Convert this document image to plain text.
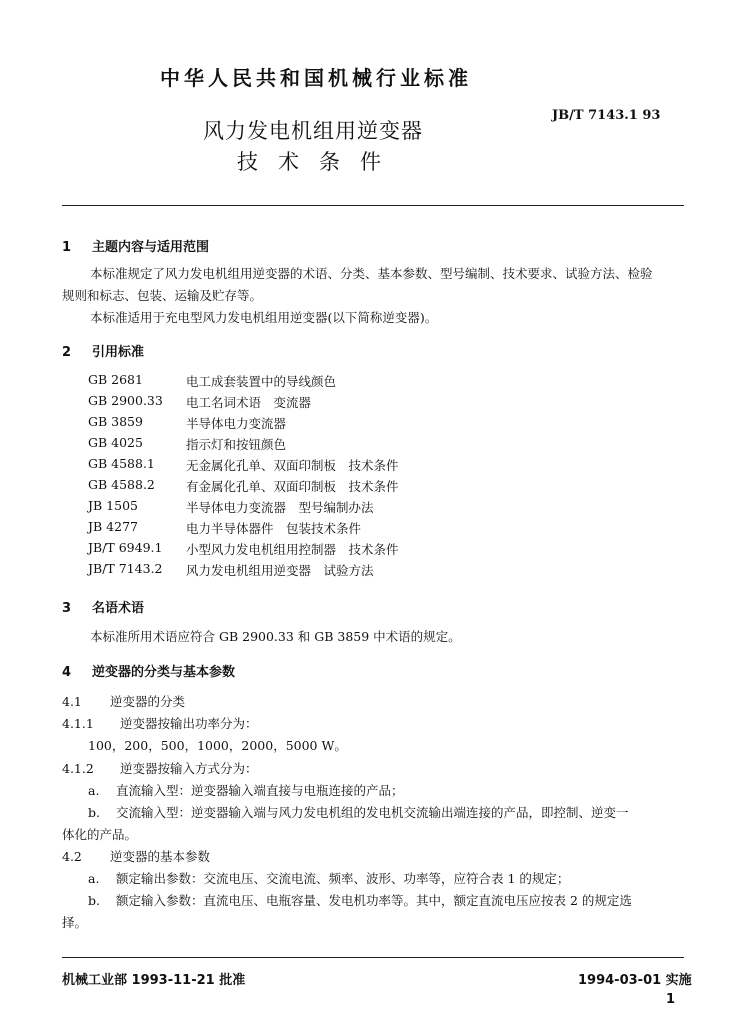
中华人民共和国机械行业标准
JB/T 7143.1 93
风力发电机组用逆变器
技术条件
1 主题内容与适用范围
本标准规定了风力发电机组用逆变器的术语、分类、基本参数、型号编制、技术要求、试验方法、检验
规则和标志、包装、运输及贮存等。
本标准适用于充电型风力发电机组用逆变器(以下简称逆变器)。
2 引用标准
GB 2681	电工成套装置中的导线颜色
GB 2900.33 电工名词术语　变流器
GB 3859	半导体电力变流器
GB 4025	指示灯和按钮颜色
GB 4588.1 无金属化孔单、双面印制板　技术条件
GB 4588.2 有金属化孔单、双面印制板　技术条件
JB 1505	半导体电力变流器　型号编制办法
JB 4277	电力半导体器件　包装技术条件
JB/T 6949.1 小型风力发电机组用控制器　技术条件
JB/T 7143.2 风力发电机组用逆变器　试验方法
3 名语术语
本标准所用术语应符合 GB 2900.33 和 GB 3859 中术语的规定。
4 逆变器的分类与基本参数
4.1 逆变器的分类
4.1.1 逆变器按输出功率分为：
100，200，500，1000，2000，5000 W。
4.1.2 逆变器按输入方式分为：
a. 直流输入型：逆变器输入端直接与电瓶连接的产品；
b. 交流输入型：逆变器输入端与风力发电机组的发电机交流输出端连接的产品，即控制、逆变一
体化的产品。
4.2 逆变器的基本参数
a. 额定输出参数：交流电压、交流电流、频率、波形、功率等，应符合表 1 的规定；
b. 额定输入参数：直流电压、电瓶容量、发电机功率等。其中，额定直流电压应按表 2 的规定选
择。
机械工业部 1993-11-21 批准	1994-03-01 实施
1
